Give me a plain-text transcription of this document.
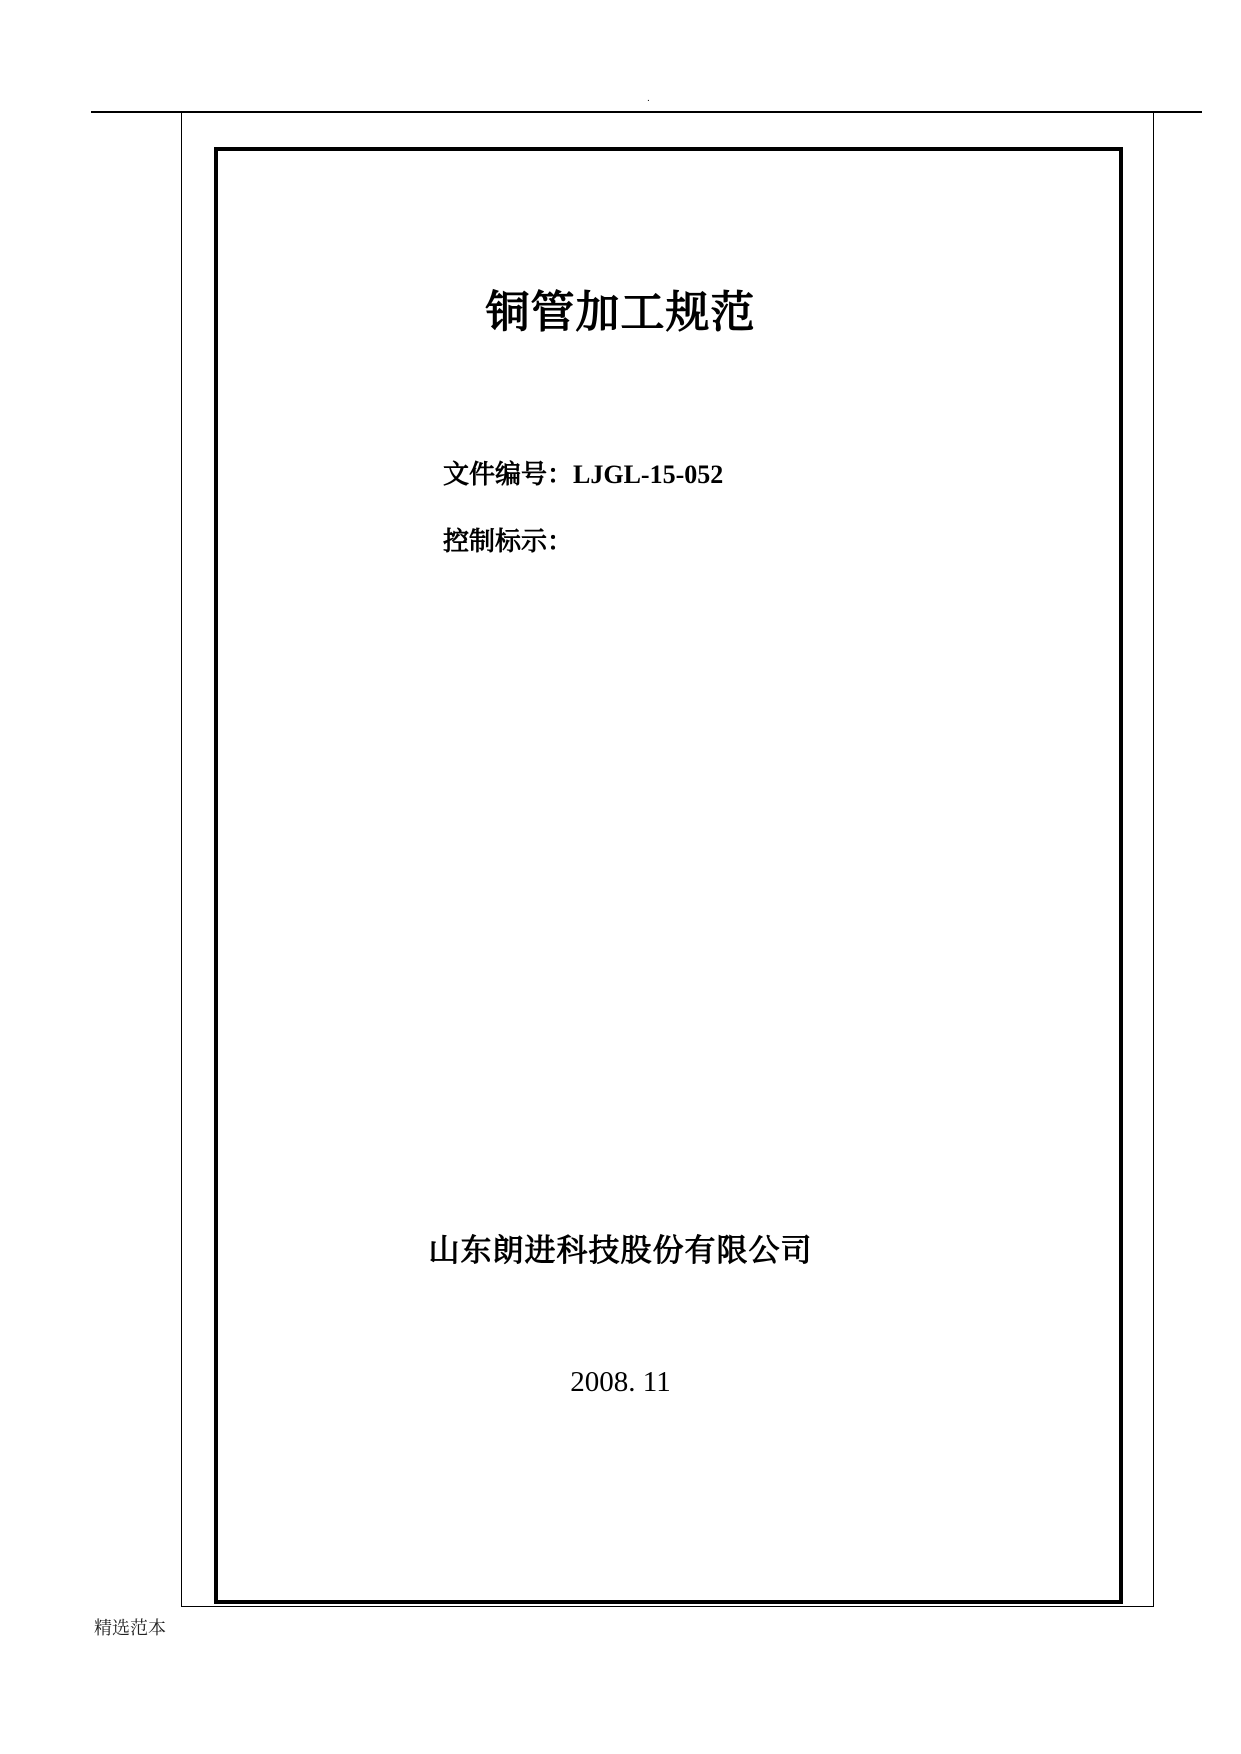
.
铜管加工规范
文件编号：LJGL-15-052
控制标示：
山东朗进科技股份有限公司
2008. 11
精选范本
